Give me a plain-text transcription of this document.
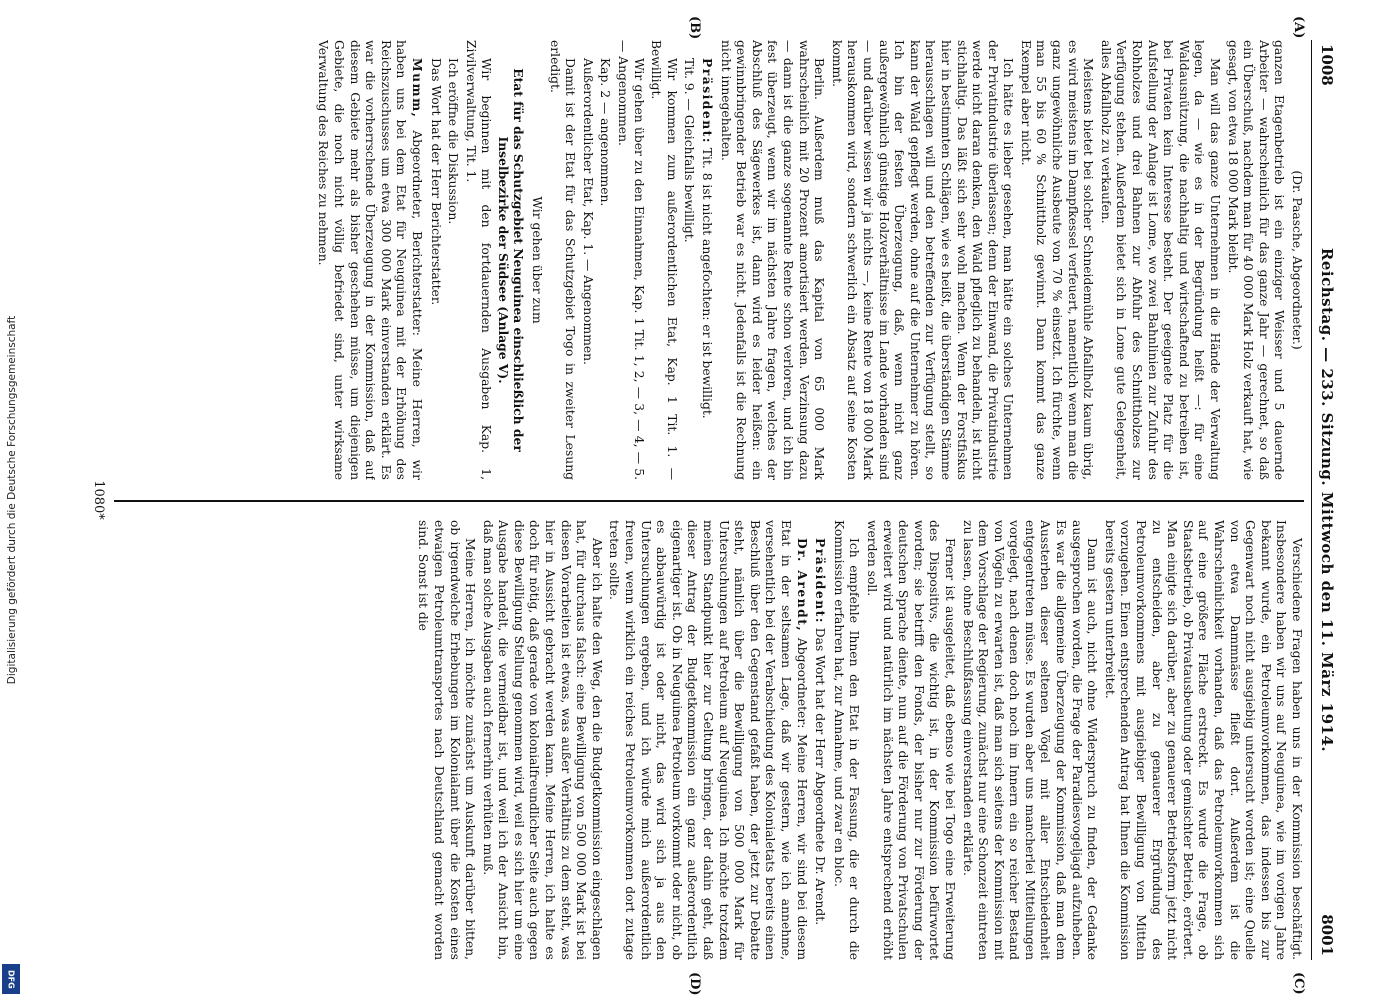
Digitalisierung gefördert durch die Deutsche Forschungsgemeinschaft
DFG
1008
Reichstag. — 233. Sitzung. Mittwoch den 11. März 1914.
8001
(A)
(B)
(C)
(D)

(Dr. Paasche, Abgeordneter.)

ganzen Etagenbetrieb ist ein einziger Weisser und 5 dauernde Arbeiter — wahrscheinlich für das ganze Jahr — gerechnet, so daß ein Überschuß, nachdem man für 40 000 Mark Holz verkauft hat, wie gesagt, von etwa 18 000 Mark bleibt.

Man will das ganze Unternehmen in die Hände der Verwaltung legen, da — wie es in der Begründung heißt —: für eine Waldausnützung, die nachhaltig und wirtschaftend zu betreiben ist, bei Privaten kein Interesse besteht. Der geeignete Platz für die Aufstellung der Anlage ist Lome, wo zwei Bahnlinien zur Zufuhr des Rohholzes und drei Bahnen zur Abfuhr des Schnittholzes zur Verfügung stehen. Außerdem bietet sich in Lome gute Gelegenheit, alles Abfallholz zu verkaufen.

Meistens bietet bei solcher Schneidemühle Abfallholz kaum übrig, es wird meistens im Dampfkessel verfeuert, namentlich wenn man die ganz ungewöhnliche Ausbeute von 70 % einsetzt. Ich fürchte, wenn man 55 bis 60 % Schnittholz gewinnt. Dann kommt das ganze Exempel aber nicht.

Ich hätte es lieber gesehen, man hätte ein solches Unternehmen der Privatindustrie überlassen; denn der Einwand, die Privatindustrie werde nicht daran denken, den Wald pfleglich zu behandeln, ist nicht stichhaltig. Das läßt sich sehr wohl machen. Wenn der Forstfiskus hier in bestimmten Schlägen, wie es heißt, die überständigen Stämme herausschlagen will und den betreffenden zur Verfügung stellt, so kann der Wald gepflegt werden, ohne auf die Unternehmer zu hören. Ich bin der festen Überzeugung, daß, wenn nicht ganz außergewöhnlich günstige Holzverhältnisse im Lande vorhanden sind — und darüber wissen wir ja nichts —, keine Rente von 18 000 Mark herauskommen wird, sondern schwerlich ein Absatz auf seine Kosten kommt.

Berlin. Außerdem muß das Kapital von 65 000 Mark wahrscheinlich mit 20 Prozent amortisiert werden. Verzinsung dazu — dann ist die ganze sogenannte Rente schon verloren, und ich bin fest überzeugt, wenn wir im nächsten Jahre fragen, welches der Abschluß des Sägewerkes ist, dann wird es leider heißen: ein gewinnbringender Betrieb war es nicht. Jedenfalls ist die Rechnung nicht innegehalten.

Präsident: Tit. 8 ist nicht angefochten: er ist bewilligt.

Tit. 9. — Gleichfalls bewilligt.

Wir kommen zum außerordentlichen Etat, Kap. 1 Tit. 1. — Bewilligt.

Wir gehen über zu den Einnahmen, Kap. 1 Tit. 1, 2, — 3, — 4, — 5. — Angenommen.

Kap. 2 — angenommen.

Außerordentlicher Etat, Kap. 1. — Angenommen.

Damit ist der Etat für das Schutzgebiet Togo in zweiter Lesung erledigt.

Wir gehen über zum

Etat für das Schutzgebiet Neuguinea einschließlich der Inselbezirke der Südsee (Anlage V).

Wir beginnen mit den fortdauernden Ausgaben Kap. 1, Zivilverwaltung, Tit. 1.

Ich eröffne die Diskussion.

Das Wort hat der Herr Berichterstatter.

Mumm, Abgeordneter, Berichterstatter: Meine Herren, wir haben uns bei dem Etat für Neuguinea mit der Erhöhung des Reichszuschusses um etwa 300 000 Mark einverstanden erklärt. Es war die vorherrschende Überzeugung in der Kommission, daß auf diesem Gebiete mehr als bisher geschehen müsse, um diejenigen Gebiete, die noch nicht völlig befriedet sind, unter wirksame Verwaltung des Reiches zu nehmen.

Verschiedene Fragen haben uns in der Kommission beschäftigt. Insbesondere haben wir uns auf Neuguinea, wie im vorigen Jahre bekannt wurde, ein Petroleumvorkommen, das indessen bis zur Gegenwart noch nicht ausgiebig untersucht worden ist; eine Quelle von etwa Dammnässe fließt dort. Außerdem ist die Wahrscheinlichkeit vorhanden, daß das Petroleumvorkommen sich auf eine größere Fläche erstreckt. Es wurde die Frage, ob Staatsbetrieb, ob Privatausbeutung oder gemischter Betrieb, erörtert. Man einigte sich darüber, aber zu genauerer Betriebsform jetzt nicht zu entscheiden, aber zu genauerer Ergründung des Petroleumvorkommens mit ausgiebiger Bewilligung von Mitteln vorzugehen. Einen entsprechenden Antrag hat Ihnen die Kommission bereits gestern unterbreitet.

Dann ist auch, nicht ohne Widerspruch zu finden, der Gedanke ausgesprochen worden, die Frage der Paradiesvogeljagd aufzuheben. Es war die allgemeine Überzeugung der Kommission, daß man dem Aussterben dieser seltenen Vögel mit aller Entschiedenheit entgegentreten müsse. Es wurden aber uns mancherlei Mitteilungen vorgelegt, nach denen doch noch im Innern ein so reicher Bestand von Vögeln zu erwarten ist, daß man sich seitens der Kommission mit dem Vorschlage der Regierung, zunächst nur eine Schonzeit eintreten zu lassen, ohne Beschlußfassung einverstanden erklärte.

Ferner ist ausgeleitet, daß ebenso wie bei Togo eine Erweiterung des Dispositivs, die wichtig ist, in der Kommission befürwortet worden; sie betrifft den Fonds, der bisher nur zur Förderung der deutschen Sprache diente, nun auf die Förderung von Privatschulen erweitert wird und natürlich im nächsten Jahre entsprechend erhöht werden soll.

Ich empfehle Ihnen den Etat in der Fassung, die er durch die Kommission erfahren hat, zur Annahme, und zwar en bloc.

Präsident: Das Wort hat der Herr Abgeordnete Dr. Arendt.

Dr. Arendt, Abgeordneter: Meine Herren, wir sind bei diesem Etat in der seltsamen Lage, daß wir gestern, wie ich annehme, versehentlich bei der Verabschiedung des Kolonialetats bereits einen Beschluß über den Gegenstand gefaßt haben, der jetzt zur Debatte steht, nämlich über die Bewilligung von 500 000 Mark für Untersuchungen auf Petroleum auf Neuguinea. Ich möchte trotzdem meinen Standpunkt hier zur Geltung bringen, der dahin geht, daß dieser Antrag der Budgetkommission ein ganz außerordentlich eigenartiger ist. Ob in Neuguinea Petroleum vorkommt oder nicht, ob es abbauwürdig ist oder nicht, das wird sich ja aus den Untersuchungen ergeben, und ich würde mich außerordentlich freuen, wenn wirklich ein reiches Petroleumvorkommen dort zutage treten sollte.

Aber ich halte den Weg, den die Budgetkommission eingeschlagen hat, für durchaus falsch: eine Bewilligung von 500 000 Mark ist bei diesen Vorarbeiten ist etwas, was außer Verhältnis zu dem steht, was hier in Aussicht gebracht werden kann. Meine Herren, ich halte es doch für nötig, daß gerade von kolonialfreundlicher Seite auch gegen diese Bewilligung Stellung genommen wird, weil es sich hier um eine Ausgabe handelt, die vermeidbar ist, und weil ich der Ansicht bin, daß man solche Ausgaben auch fernerhin verhüten muß.

Meine Herren, ich möchte zunächst um Auskunft darüber bitten, ob irgendwelche Erhebungen im Kolonialamt über die Kosten eines etwaigen Petroleumtransportes nach Deutschland gemacht worden sind. Sonst ist die

1080*
